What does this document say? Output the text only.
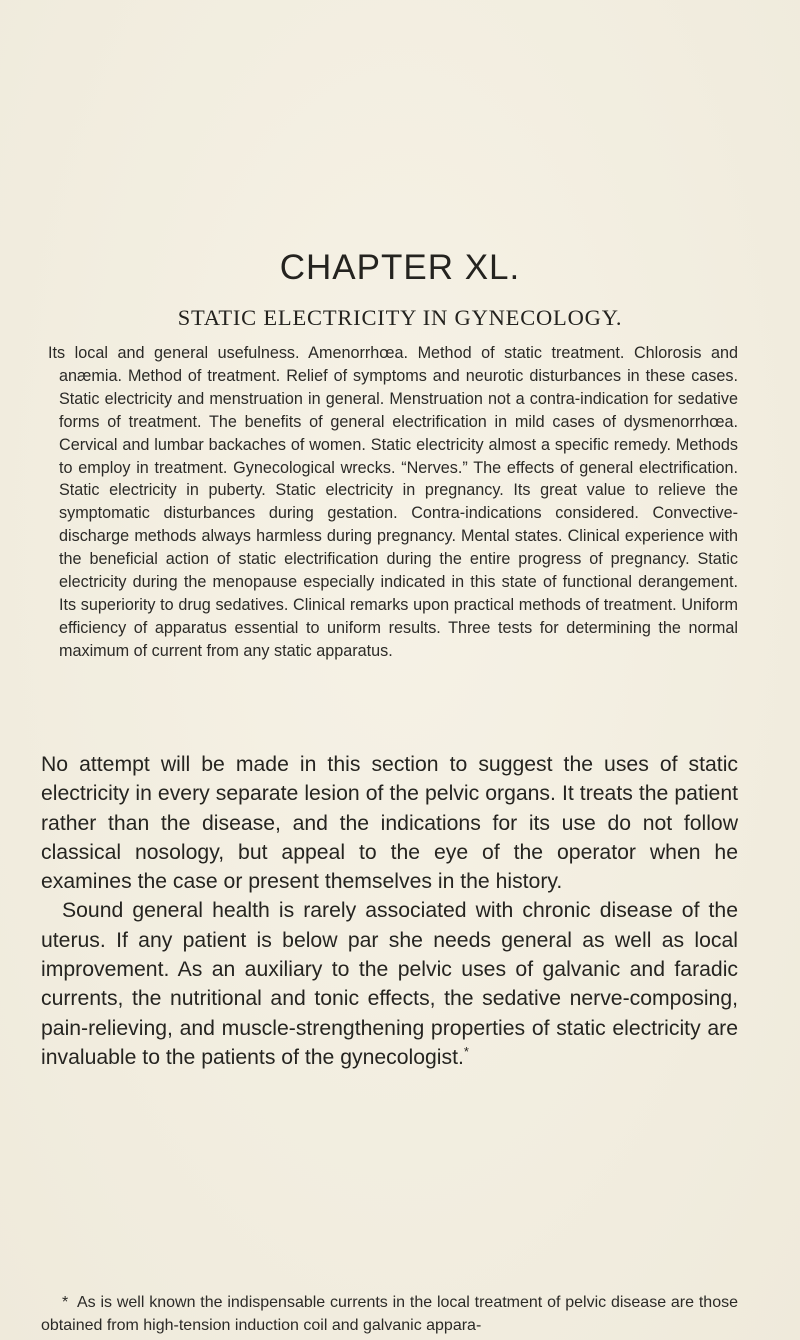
CHAPTER XL.
STATIC ELECTRICITY IN GYNECOLOGY.

Its local and general usefulness. Amenorrhœa. Method of static treatment. Chlorosis and anæmia. Method of treatment. Relief of symptoms and neurotic disturbances in these cases. Static electricity and menstruation in general. Menstruation not a contra-indication for sedative forms of treatment. The benefits of general electrification in mild cases of dysmenorrhœa. Cervical and lumbar backaches of women. Static electricity almost a specific remedy. Methods to employ in treatment. Gynecological wrecks. “Nerves.” The effects of general electrification. Static electricity in puberty. Static electricity in pregnancy. Its great value to relieve the symptomatic disturbances during gestation. Contra-indications considered. Convective-discharge methods always harmless during pregnancy. Mental states. Clinical experience with the beneficial action of static electrification during the entire progress of pregnancy. Static electricity during the menopause especially indicated in this state of functional derangement. Its superiority to drug sedatives. Clinical remarks upon practical methods of treatment. Uniform efficiency of apparatus essential to uniform results. Three tests for determining the normal maximum of current from any static apparatus.

No attempt will be made in this section to suggest the uses of static electricity in every separate lesion of the pelvic organs. It treats the patient rather than the disease, and the indications for its use do not follow classical nosology, but appeal to the eye of the operator when he examines the case or present themselves in the history.

Sound general health is rarely associated with chronic disease of the uterus. If any patient is below par she needs general as well as local improvement. As an auxiliary to the pelvic uses of galvanic and faradic currents, the nutritional and tonic effects, the sedative nerve-composing, pain-relieving, and muscle-strengthening properties of static electricity are invaluable to the patients of the gynecologist.*

* As is well known the indispensable currents in the local treatment of pelvic disease are those obtained from high-tension induction coil and galvanic appara-
